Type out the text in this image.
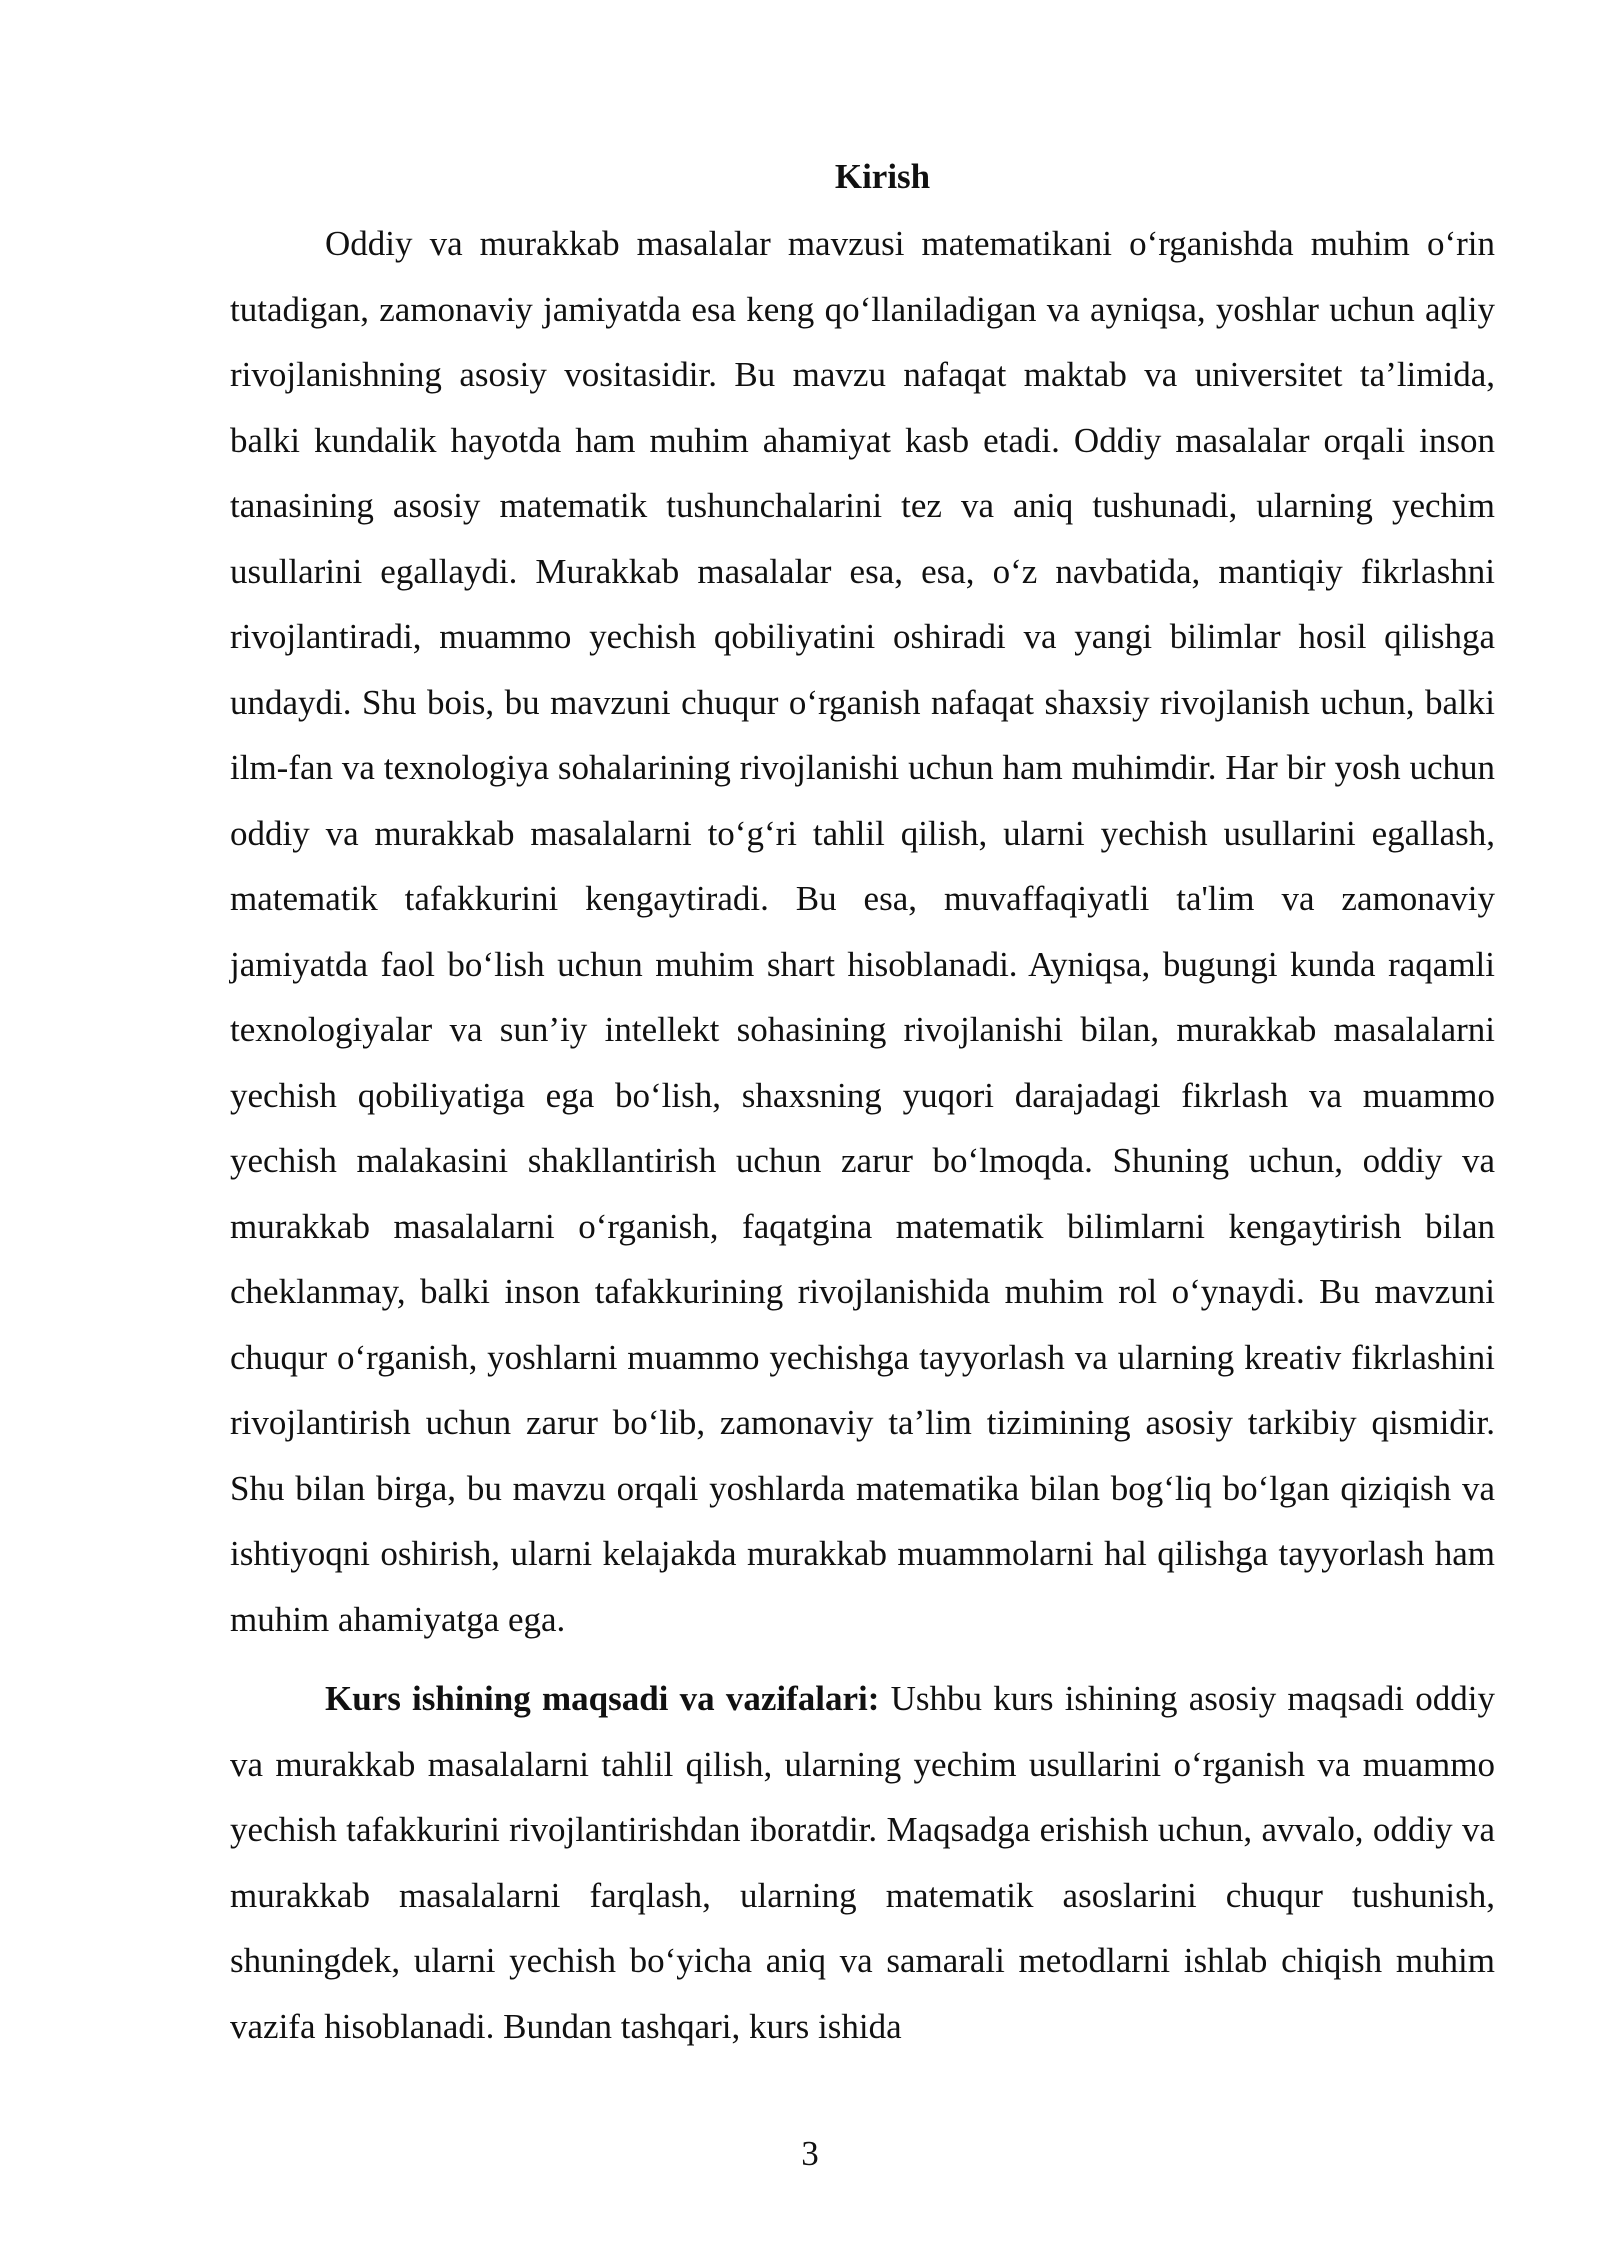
Kirish

Oddiy va murakkab masalalar mavzusi matematikani o‘rganishda muhim o‘rin tutadigan, zamonaviy jamiyatda esa keng qo‘llaniladigan va ayniqsa, yoshlar uchun aqliy rivojlanishning asosiy vositasidir. Bu mavzu nafaqat maktab va universitet ta’limida, balki kundalik hayotda ham muhim ahamiyat kasb etadi. Oddiy masalalar orqali inson tanasining asosiy matematik tushunchalarini tez va aniq tushunadi, ularning yechim usullarini egallaydi. Murakkab masalalar esa, esa, o‘z navbatida, mantiqiy fikrlashni rivojlantiradi, muammo yechish qobiliyatini oshiradi va yangi bilimlar hosil qilishga undaydi. Shu bois, bu mavzuni chuqur o‘rganish nafaqat shaxsiy rivojlanish uchun, balki ilm-fan va texnologiya sohalarining rivojlanishi uchun ham muhimdir. Har bir yosh uchun oddiy va murakkab masalalarni to‘g‘ri tahlil qilish, ularni yechish usullarini egallash, matematik tafakkurini kengaytiradi. Bu esa, muvaffaqiyatli ta'lim va zamonaviy jamiyatda faol bo‘lish uchun muhim shart hisoblanadi. Ayniqsa, bugungi kunda raqamli texnologiyalar va sun’iy intellekt sohasining rivojlanishi bilan, murakkab masalalarni yechish qobiliyatiga ega bo‘lish, shaxsning yuqori darajadagi fikrlash va muammo yechish malakasini shakllantirish uchun zarur bo‘lmoqda. Shuning uchun, oddiy va murakkab masalalarni o‘rganish, faqatgina matematik bilimlarni kengaytirish bilan cheklanmay, balki inson tafakkurining rivojlanishida muhim rol o‘ynaydi. Bu mavzuni chuqur o‘rganish, yoshlarni muammo yechishga tayyorlash va ularning kreativ fikrlashini rivojlantirish uchun zarur bo‘lib, zamonaviy ta’lim tizimining asosiy tarkibiy qismidir. Shu bilan birga, bu mavzu orqali yoshlarda matematika bilan bog‘liq bo‘lgan qiziqish va ishtiyoqni oshirish, ularni kelajakda murakkab muammolarni hal qilishga tayyorlash ham muhim ahamiyatga ega.

Kurs ishining maqsadi va vazifalari: Ushbu kurs ishining asosiy maqsadi oddiy va murakkab masalalarni tahlil qilish, ularning yechim usullarini o‘rganish va muammo yechish tafakkurini rivojlantirishdan iboratdir. Maqsadga erishish uchun, avvalo, oddiy va murakkab masalalarni farqlash, ularning matematik asoslarini chuqur tushunish, shuningdek, ularni yechish bo‘yicha aniq va samarali metodlarni ishlab chiqish muhim vazifa hisoblanadi. Bundan tashqari, kurs ishida

3
